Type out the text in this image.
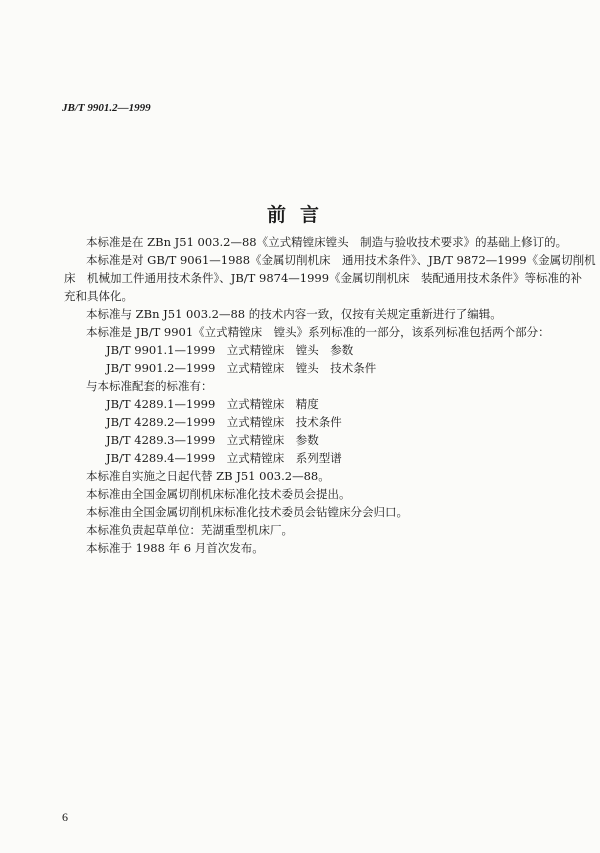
JB/T 9901.2—1999
前言
本标准是在 ZBn J51 003.2—88《立式精镗床镗头　制造与验收技术要求》的基础上修订的。
本标准是对 GB/T 9061—1988《金属切削机床　通用技术条件》、JB/T 9872—1999《金属切削机
床　机械加工件通用技术条件》、JB/T 9874—1999《金属切削机床　装配通用技术条件》等标准的补
充和具体化。
本标准与 ZBn J51 003.2—88 的技术内容一致，仅按有关规定重新进行了编辑。
本标准是 JB/T 9901《立式精镗床　镗头》系列标准的一部分，该系列标准包括两个部分：
JB/T 9901.1—1999　立式精镗床　镗头　参数
JB/T 9901.2—1999　立式精镗床　镗头　技术条件
与本标准配套的标准有：
JB/T 4289.1—1999　立式精镗床　精度
JB/T 4289.2—1999　立式精镗床　技术条件
JB/T 4289.3—1999　立式精镗床　参数
JB/T 4289.4—1999　立式精镗床　系列型谱
本标准自实施之日起代替 ZB J51 003.2—88。
本标准由全国金属切削机床标准化技术委员会提出。
本标准由全国金属切削机床标准化技术委员会钻镗床分会归口。
本标准负责起草单位：芜湖重型机床厂。
本标准于 1988 年 6 月首次发布。
6
